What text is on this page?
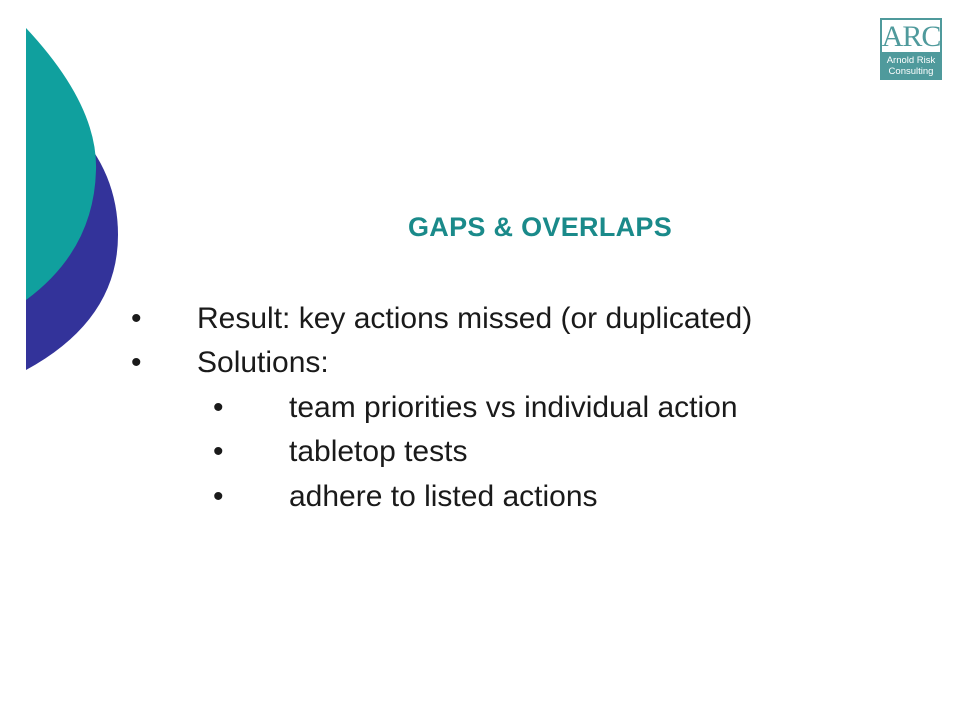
ARC
Arnold Risk
Consulting
GAPS & OVERLAPS
• Result: key actions missed (or duplicated)
• Solutions:
• team priorities vs individual action
• tabletop tests
• adhere to listed actions
